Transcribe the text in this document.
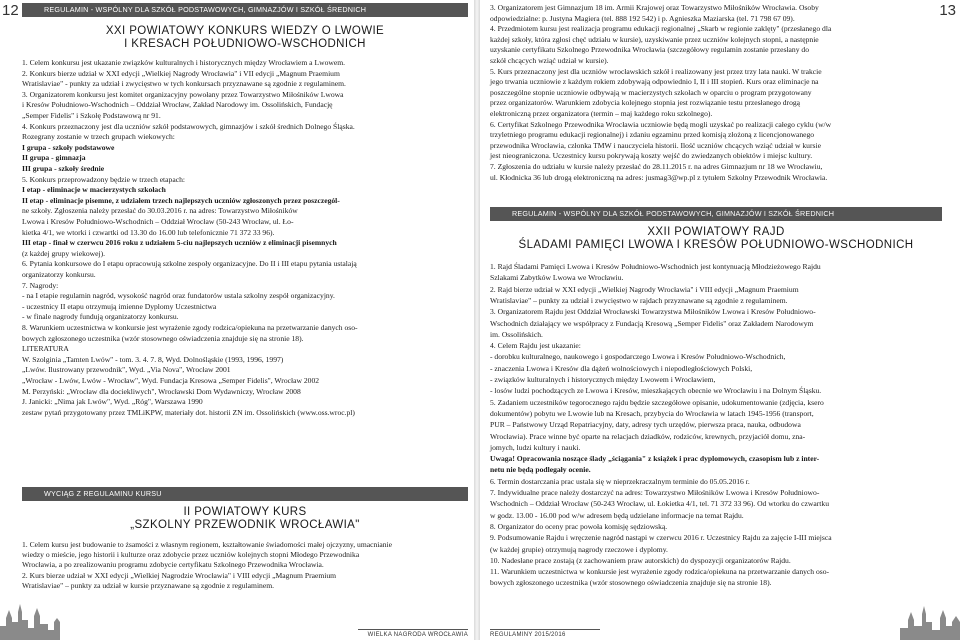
12	REGULAMIN - WSPÓLNY DLA SZKÓŁ PODSTAWOWYCH, GIMNAZJÓW I SZKÓŁ ŚREDNICH
XXI POWIATOWY KONKURS WIEDZY O LWOWIE
I KRESACH POŁUDNIOWO-WSCHODNICH
1. Celem konkursu jest ukazanie związków kulturalnych i historycznych między Wrocławiem a Lwowem.
2. Konkurs bierze udział w XXI edycji „Wielkiej Nagrody Wrocławia" i VII edycji „Magnum Praemium
Wratislaviae" - punkty za udział i zwycięstwo w tych konkursach przyznawane są zgodnie z regulaminem.
3. Organizatorem konkursu jest komitet organizacyjny powołany przez Towarzystwo Miłośników Lwowa
i Kresów Południowo-Wschodnich – Oddział Wrocław, Zakład Narodowy im. Ossolińskich, Fundację
„Semper Fidelis" i Szkołę Podstawową nr 91.
4. Konkurs przeznaczony jest dla uczniów szkół podstawowych, gimnazjów i szkół średnich Dolnego Śląska.
Rozegrany zostanie w trzech grupach wiekowych:
I grupa - szkoły podstawowe
II grupa - gimnazja
III grupa - szkoły średnie
5. Konkurs przeprowadzony będzie w trzech etapach:
I etap - eliminacje w macierzystych szkołach
II etap - eliminacje pisemne, z udziałem trzech najlepszych uczniów zgłoszonych przez poszczegól-
ne szkoły. Zgłoszenia należy przesłać do 30.03.2016 r. na adres: Towarzystwo Miłośników
Lwowa i Kresów Południowo-Wschodnich – Oddział Wrocław (50-243 Wrocław, ul. Ło-
kietka 4/1, we wtorki i czwartki od 13.30 do 16.00 lub telefonicznie 71 372 33 96).
III etap - finał w czerwcu 2016 roku z udziałem 5-ciu najlepszych uczniów z eliminacji pisemnych
(z każdej grupy wiekowej).
6. Pytania konkursowe do I etapu opracowują szkolne zespoły organizacyjne. Do II i III etapu pytania ustalają
organizatorzy konkursu.
7. Nagrody:
- na I etapie regulamin nagród, wysokość nagród oraz fundatorów ustala szkolny zespół organizacyjny.
- uczestnicy II etapu otrzymują imienne Dyplomy Uczestnictwa
- w finale nagrody fundują organizatorzy konkursu.
8. Warunkiem uczestnictwa w konkursie jest wyrażenie zgody rodzica/opiekuna na przetwarzanie danych oso-
bowych zgłoszonego uczestnika (wzór stosownego oświadczenia znajduje się na stronie 18).
LITERATURA
W. Szolginia „Tamten Lwów" - tom. 3. 4. 7. 8, Wyd. Dolnośląskie (1993, 1996, 1997)
„Lwów. Ilustrowany przewodnik", Wyd. „Via Nova", Wrocław 2001
„Wrocław - Lwów, Lwów - Wrocław", Wyd. Fundacja Kresowa „Semper Fidelis", Wrocław 2002
M. Perzyński: „Wrocław dla dociekliwych", Wrocławski Dom Wydawniczy, Wrocław 2008
J. Janicki: „Nima jak Lwów", Wyd. „Róg", Warszawa 1990
zestaw pytań przygotowany przez TMLiKPW, materiały dot. historii ZN im. Ossolińskich (www.oss.wroc.pl)
WYCIĄG Z REGULAMINU KURSU
II POWIATOWY KURS
„SZKOLNY PRZEWODNIK WROCŁAWIA"
1. Celem kursu jest budowanie to żsamości z własnym regionem, kształtowanie świadomości małej ojczyzny, umacnianie
wiedzy o mieście, jego historii i kulturze oraz zdobycie przez uczniów kolejnych stopni Młodego Przewodnika
Wrocławia, a po zrealizowaniu programu zdobycie certyfikatu Szkolnego Przewodnika Wrocławia.
2. Kurs bierze udział w XXI edycji „Wielkiej Nagrodzie Wrocławia" i VIII edycji „Magnum Praemium
Wratislaviae" – punkty za udział w kursie przyznawane są zgodnie z regulaminem.
WIELKA NAGRODA WROCŁAWIA
13
3. Organizatorem jest Gimnazjum 18 im. Armii Krajowej oraz Towarzystwo Miłośników Wrocławia. Osoby
odpowiedzialne: p. Justyna Magiera (tel. 888 192 542) i p. Agnieszka Maziarska (tel. 71 798 67 09).
4. Przedmiotem kursu jest realizacja programu edukacji regionalnej „Skarb w regionie zaklęty" (przesłanego dla
każdej szkoły, która zgłosi chęć udziału w kursie), uzyskiwanie przez uczniów kolejnych stopni, a następnie
uzyskanie certyfikatu Szkolnego Przewodnika Wrocławia (szczegółowy regulamin zostanie przesłany do
szkół chcących wziąć udział w kursie).
5. Kurs przeznaczony jest dla uczniów wrocławskich szkół i realizowany jest przez trzy lata nauki. W trakcie
jego trwania uczniowie z każdym rokiem zdobywają odpowiednio I, II i III stopień. Kurs oraz eliminacje na
poszczególne stopnie uczniowie odbywają w macierzystych szkołach w oparciu o program przygotowany
przez organizatorów. Warunkiem zdobycia kolejnego stopnia jest rozwiązanie testu przesłanego drogą
elektroniczną przez organizatora (termin – maj każdego roku szkolnego).
6. Certyfikat Szkolnego Przewodnika Wrocławia uczniowie będą mogli uzyskać po realizacji całego cyklu (w/w
trzyletniego programu edukacji regionalnej) i zdaniu egzaminu przed komisją złożoną z licencjonowanego
przewodnika Wrocławia, członka TMW i nauczyciela historii. Ilość uczniów chcących wziąć udział w kursie
jest nieograniczona. Uczestnicy kursu pokrywają koszty wejść do zwiedzanych obiektów i miejsc kultury.
7. Zgłoszenia do udziału w kursie należy przesłać do 28.11.2015 r. na adres Gimnazjum nr 18 we Wrocławiu,
ul. Kłodnicka 36 lub drogą elektroniczną na adres: jusmag3@wp.pl z tytułem Szkolny Przewodnik Wrocławia.
REGULAMIN - WSPÓLNY DLA SZKÓŁ PODSTAWOWYCH, GIMNAZJÓW I SZKÓŁ ŚREDNICH
XXII POWIATOWY RAJD
ŚLADAMI PAMIĘCI LWOWA I KRESÓW POŁUDNIOWO-WSCHODNICH
1. Rajd Śladami Pamięci Lwowa i Kresów Południowo-Wschodnich jest kontynuacją Młodzieżowego Rajdu
Szlakami Zabytków Lwowa we Wrocławiu.
2. Rajd bierze udział w XXI edycji „Wielkiej Nagrody Wrocławia" i VIII edycji „Magnum Praemium
Wratislaviae" – punkty za udział i zwycięstwo w rajdach przyznawane są zgodnie z regulaminem.
3. Organizatorem Rajdu jest Oddział Wrocławski Towarzystwa Miłośników Lwowa i Kresów Południowo-
Wschodnich działający we współpracy z Fundacją Kresową „Semper Fidelis" oraz Zakładem Narodowym
im. Ossolińskich.
4. Celem Rajdu jest ukazanie:
- dorobku kulturalnego, naukowego i gospodarczego Lwowa i Kresów Południowo-Wschodnich,
- znaczenia Lwowa i Kresów dla dążeń wolnościowych i niepodległościowych Polski,
- związków kulturalnych i historycznych między Lwowem i Wrocławiem,
- losów ludzi pochodzących ze Lwowa i Kresów, mieszkających obecnie we Wrocławiu i na Dolnym Śląsku.
5. Zadaniem uczestników tegorocznego rajdu będzie szczegółowe opisanie, udokumentowanie (zdjęcia, ksero
dokumentów) pobytu we Lwowie lub na Kresach, przybycia do Wrocławia w latach 1945-1956 (transport,
PUR – Państwowy Urząd Repatriacyjny, daty, adresy tych urzędów, pierwsza praca, nauka, odbudowa
Wrocławia). Prace winne być oparte na relacjach dziadków, rodziców, krewnych, przyjaciół domu, zna-
jomych, ludzi kultury i nauki.
Uwaga! Opracowania noszące ślady „ściągania" z książek i prac dyplomowych, czasopism lub z inter-
netu nie będą podlegały ocenie.
6. Termin dostarczania prac ustala się w nieprzekraczalnym terminie do 05.05.2016 r.
7. Indywidualne prace należy dostarczyć na adres: Towarzystwo Miłośników Lwowa i Kresów Południowo-
Wschodnich – Oddział Wrocław (50-243 Wrocław, ul. Łokietka 4/1, tel. 71 372 33 96). Od wtorku do czwartku
w godz. 13.00 - 16.00 pod w/w adresem będą udzielane informacje na temat Rajdu.
8. Organizator do oceny prac powoła komisję sędziowską.
9. Podsumowanie Rajdu i wręczenie nagród nastąpi w czerwcu 2016 r. Uczestnicy Rajdu za zajęcie I-III miejsca
(w każdej grupie) otrzymują nagrody rzeczowe i dyplomy.
10. Nadesłane prace zostają (z zachowaniem praw autorskich) do dyspozycji organizatorów Rajdu.
11. Warunkiem uczestnictwa w konkursie jest wyrażenie zgody rodzica/opiekuna na przetwarzanie danych oso-
bowych zgłoszonego uczestnika (wzór stosownego oświadczenia znajduje się na stronie 18).
REGULAMINY 2015/2016
